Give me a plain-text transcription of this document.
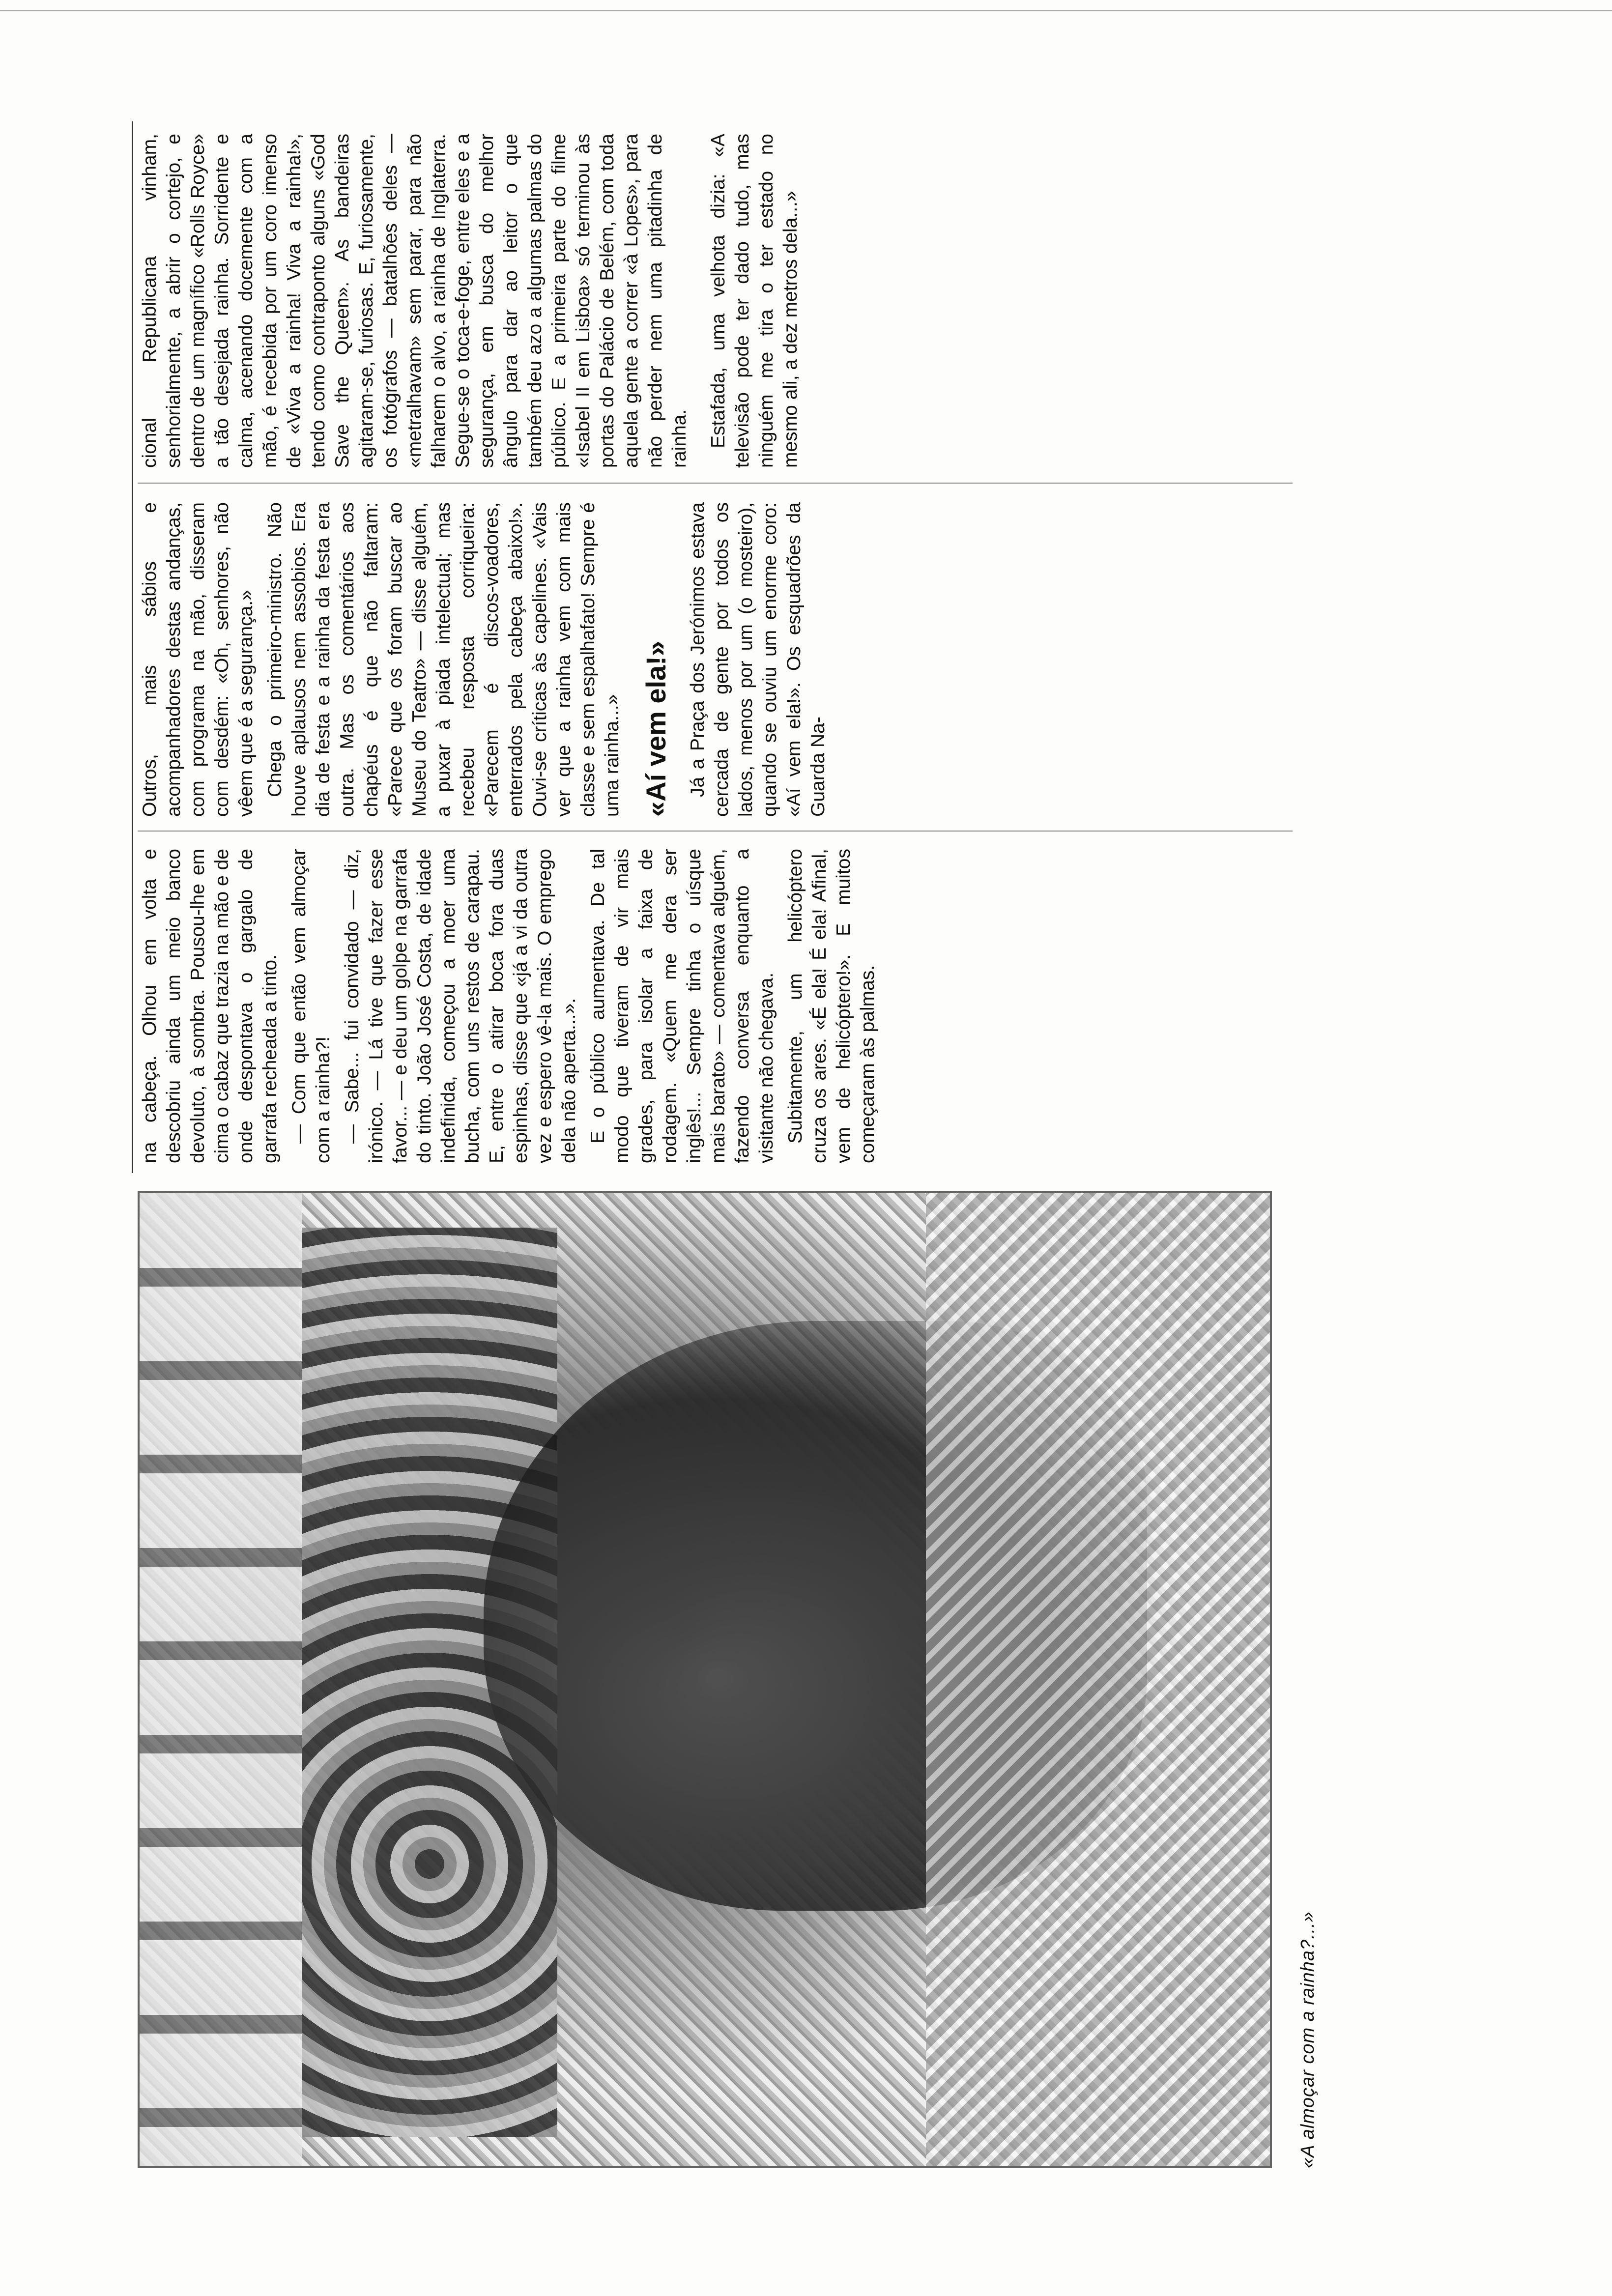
«A almoçar com a rainha?...»

na cabeça. Olhou em volta e descobriu ainda um meio banco devoluto, à sombra. Pousou-lhe em cima o cabaz que trazia na mão e de onde despontava o gargalo de garrafa recheada a tinto. — Com que então vem almoçar com a rainha?! — Sabe... fui convidado — diz, irónico. — Lá tive que fazer esse favor... — e deu um golpe na garrafa do tinto. João José Costa, de idade indefinida, começou a moer uma bucha, com uns restos de carapau. E, entre o atirar boca fora duas espinhas, disse que «já a vi da outra vez e espero vê-la mais. O emprego dela não aperta...». E o público aumentava. De tal modo que tiveram de vir mais grades, para isolar a faixa de rodagem. «Quem me dera ser inglês!... Sempre tinha o uísque mais barato» — comentava alguém, fazendo conversa enquanto a visitante não chegava. Subitamente, um helicóptero cruza os ares. «É ela! É ela! Afinal, vem de helicóptero!». E muitos começaram às palmas.

Outros, mais sábios e acompanhadores destas andanças, com programa na mão, disseram com desdém: «Oh, senhores, não vêem que é a segurança.» Chega o primeiro-ministro. Não houve aplausos nem assobios. Era dia de festa e a rainha da festa era outra. Mas os comentários aos chapéus é que não faltaram: «Parece que os foram buscar ao Museu do Teatro» — disse alguém, a puxar à piada intelectual; mas recebeu resposta corriqueira: «Parecem é discos-voadores, enterrados pela cabeça abaixo!». Ouvi-se críticas às capelines. «Vais ver que a rainha vem com mais classe e sem espalhafato! Sempre é uma rainha...» «Aí vem ela!» Já a Praça dos Jerónimos estava cercada de gente por todos os lados, menos por um (o mosteiro), quando se ouviu um enorme coro: «Aí vem ela!». Os esquadrões da Guarda Na-

cional Republicana vinham, senhorialmente, a abrir o cortejo, e dentro de um magnífico «Rolls Royce» a tão desejada rainha. Sorridente e calma, acenando docemente com a mão, é recebida por um coro imenso de «Viva a rainha! Viva a rainha!», tendo como contraponto alguns «God Save the Queen». As bandeiras agitaram-se, furiosas. E, furiosamente, os fotógrafos — batalhões deles — «metralhavam» sem parar, para não falharem o alvo, a rainha de Inglaterra. Segue-se o toca-e-foge, entre eles e a segurança, em busca do melhor ângulo para dar ao leitor o que também deu azo a algumas palmas do público. E a primeira parte do filme «Isabel II em Lisboa» só terminou às portas do Palácio de Belém, com toda aquela gente a correr «à Lopes», para não perder nem uma pitadinha de rainha. Estafada, uma velhota dizia: «A televisão pode ter dado tudo, mas ninguém me tira o ter estado no mesmo ali, a dez metros dela...»
